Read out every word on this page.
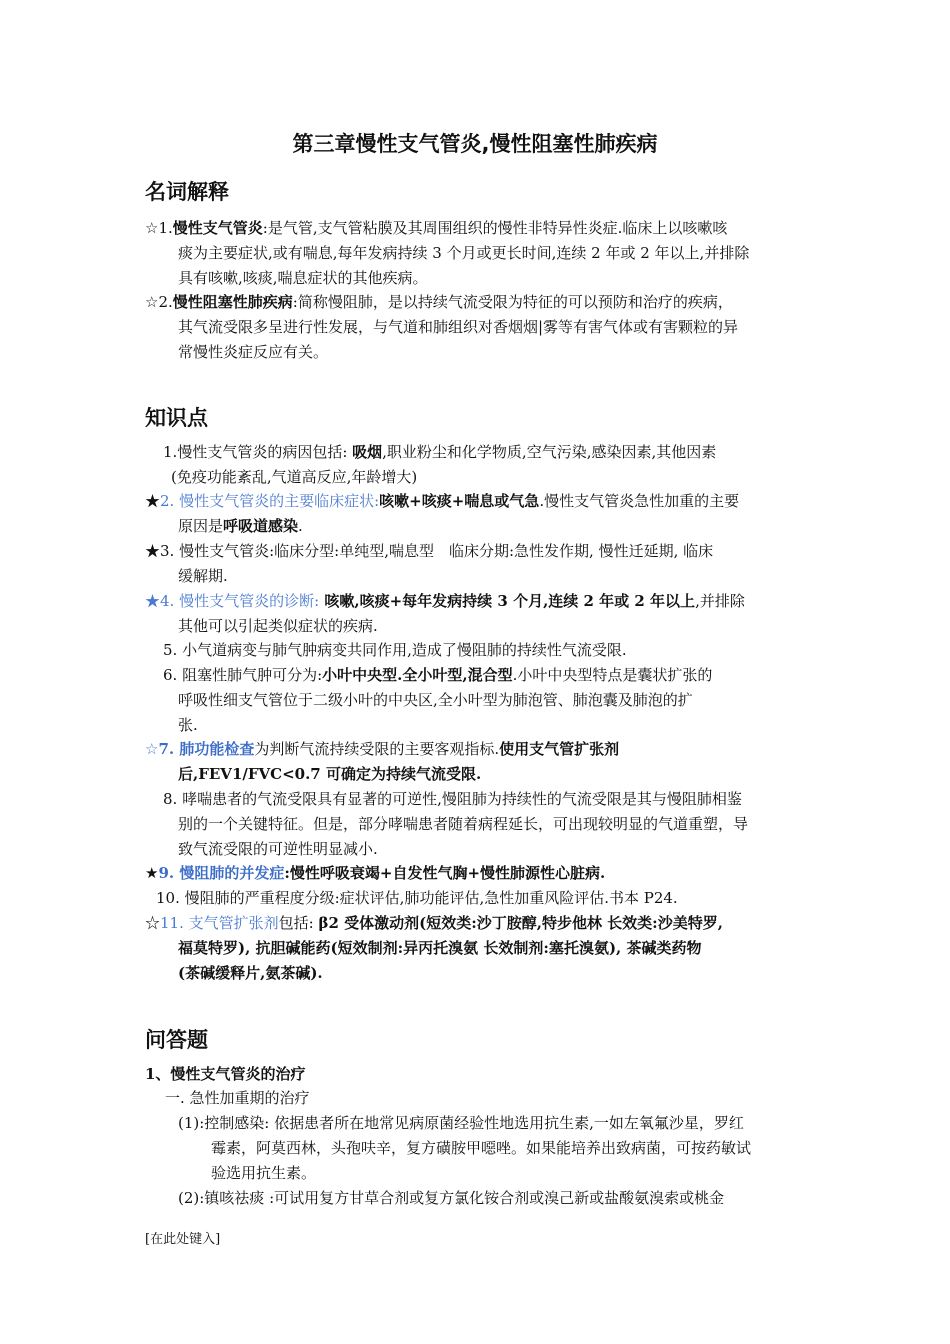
第三章慢性支气管炎,慢性阻塞性肺疾病
名词解释
☆1.慢性支气管炎:是气管,支气管粘膜及其周围组织的慢性非特异性炎症.临床上以咳嗽咳
痰为主要症状,或有喘息,每年发病持续 3 个月或更长时间,连续 2 年或 2 年以上,并排除
具有咳嗽,咳痰,喘息症状的其他疾病。
☆2.慢性阻塞性肺疾病:简称慢阻肺，是以持续气流受限为特征的可以预防和治疗的疾病，
其气流受限多呈进行性发展，与气道和肺组织对香烟烟|雾等有害气体或有害颗粒的异
常慢性炎症反应有关。
知识点
1.慢性支气管炎的病因包括: 吸烟,职业粉尘和化学物质,空气污染,感染因素,其他因素
(免疫功能紊乱,气道高反应,年龄增大)
★2. 慢性支气管炎的主要临床症状:咳嗽+咳痰+喘息或气急.慢性支气管炎急性加重的主要
原因是呼吸道感染.
★3. 慢性支气管炎:临床分型:单纯型,喘息型　临床分期:急性发作期, 慢性迁延期, 临床
缓解期.
★4. 慢性支气管炎的诊断: 咳嗽,咳痰+每年发病持续 3 个月,连续 2 年或 2 年以上,并排除
其他可以引起类似症状的疾病.
5. 小气道病变与肺气肿病变共同作用,造成了慢阻肺的持续性气流受限.
6. 阻塞性肺气肿可分为:小叶中央型.全小叶型,混合型.小叶中央型特点是囊状扩张的
呼吸性细支气管位于二级小叶的中央区,全小叶型为肺泡管、肺泡囊及肺泡的扩
张.
☆7. 肺功能检查为判断气流持续受限的主要客观指标.使用支气管扩张剂
后,FEV1/FVC<0.7 可确定为持续气流受限.
8. 哮喘患者的气流受限具有显著的可逆性,慢阻肺为持续性的气流受限是其与慢阻肺相鉴
别的一个关键特征。但是，部分哮喘患者随着病程延长，可出现较明显的气道重塑，导
致气流受限的可逆性明显减小.
★9. 慢阻肺的并发症:慢性呼吸衰竭+自发性气胸+慢性肺源性心脏病.
10. 慢阻肺的严重程度分级:症状评估,肺功能评估,急性加重风险评估.书本 P24.
☆11. 支气管扩张剂包括: β2 受体激动剂(短效类:沙丁胺醇,特步他林 长效类:沙美特罗,
福莫特罗), 抗胆碱能药(短效制剂:异丙托溴氨 长效制剂:塞托溴氨), 茶碱类药物
(茶碱缓释片,氨茶碱).
问答题
1、慢性支气管炎的治疗
一. 急性加重期的治疗
(1):控制感染: 依据患者所在地常见病原菌经验性地选用抗生素,一如左氧氟沙星，罗红
霉素，阿莫西林，头孢呋辛，复方磺胺甲噁唑。如果能培养出致病菌，可按药敏试
验选用抗生素。
(2):镇咳祛痰 :可试用复方甘草合剂或复方氯化铵合剂或溴己新或盐酸氨溴索或桃金
[在此处键入]
